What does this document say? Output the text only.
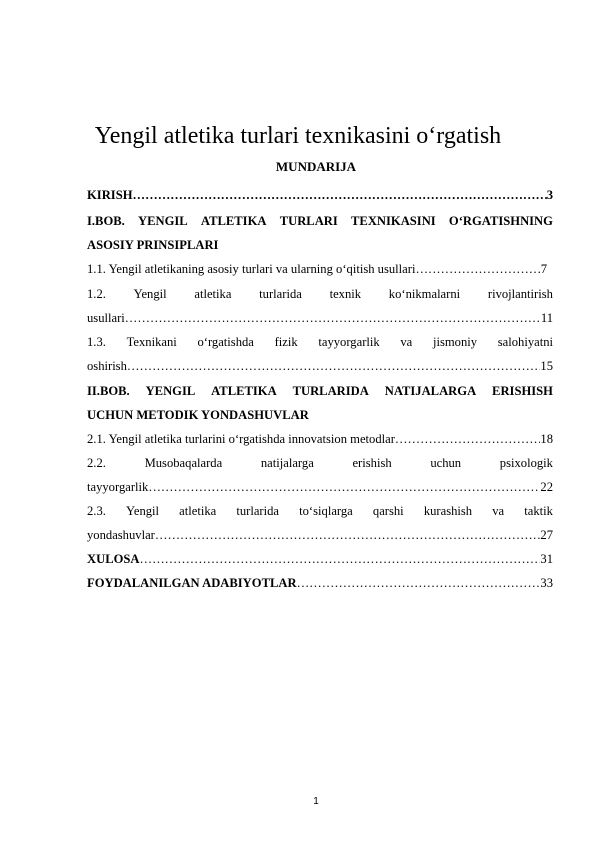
Yengil atletika turlari texnikasini o‘rgatish
MUNDARIJA
KIRISH ……………………………………………………………………………………………………………………………………………………………………	3
I.BOB. YENGIL ATLETIKA TURLARI TEXNIKASINI O‘RGATISHNING
ASOSIY PRINSIPLARI
1.1. Yengil atletikaning asosiy turlari va ularning o‘qitish usullari ……………………………………………………………………………………………………………………………………………………………………	7
1.2. Yengil atletika turlarida texnik ko‘nikmalarni rivojlantirish
usullari ……………………………………………………………………………………………………………………………………………………………………	11
1.3. Texnikani o‘rgatishda fizik tayyorgarlik va jismoniy salohiyatni
oshirish ……………………………………………………………………………………………………………………………………………………………………	15
II.BOB. YENGIL ATLETIKA TURLARIDA NATIJALARGA ERISHISH
UCHUN METODIK YONDASHUVLAR
2.1. Yengil atletika turlarini o‘rgatishda innovatsion metodlar ……………………………………………………………………………………………………………………………………………………………………	18
2.2.	Musobaqalarda	natijalarga	erishish	uchun	psixologik
tayyorgarlik ……………………………………………………………………………………………………………………………………………………………………	22
2.3. Yengil atletika turlarida to‘siqlarga qarshi kurashish va taktik
yondashuvlar ……………………………………………………………………………………………………………………………………………………………………	27
XULOSA ……………………………………………………………………………………………………………………………………………………………………	31
FOYDALANILGAN ADABIYOTLAR ……………………………………………………………………………………………………………………………………………………………………	33
1
